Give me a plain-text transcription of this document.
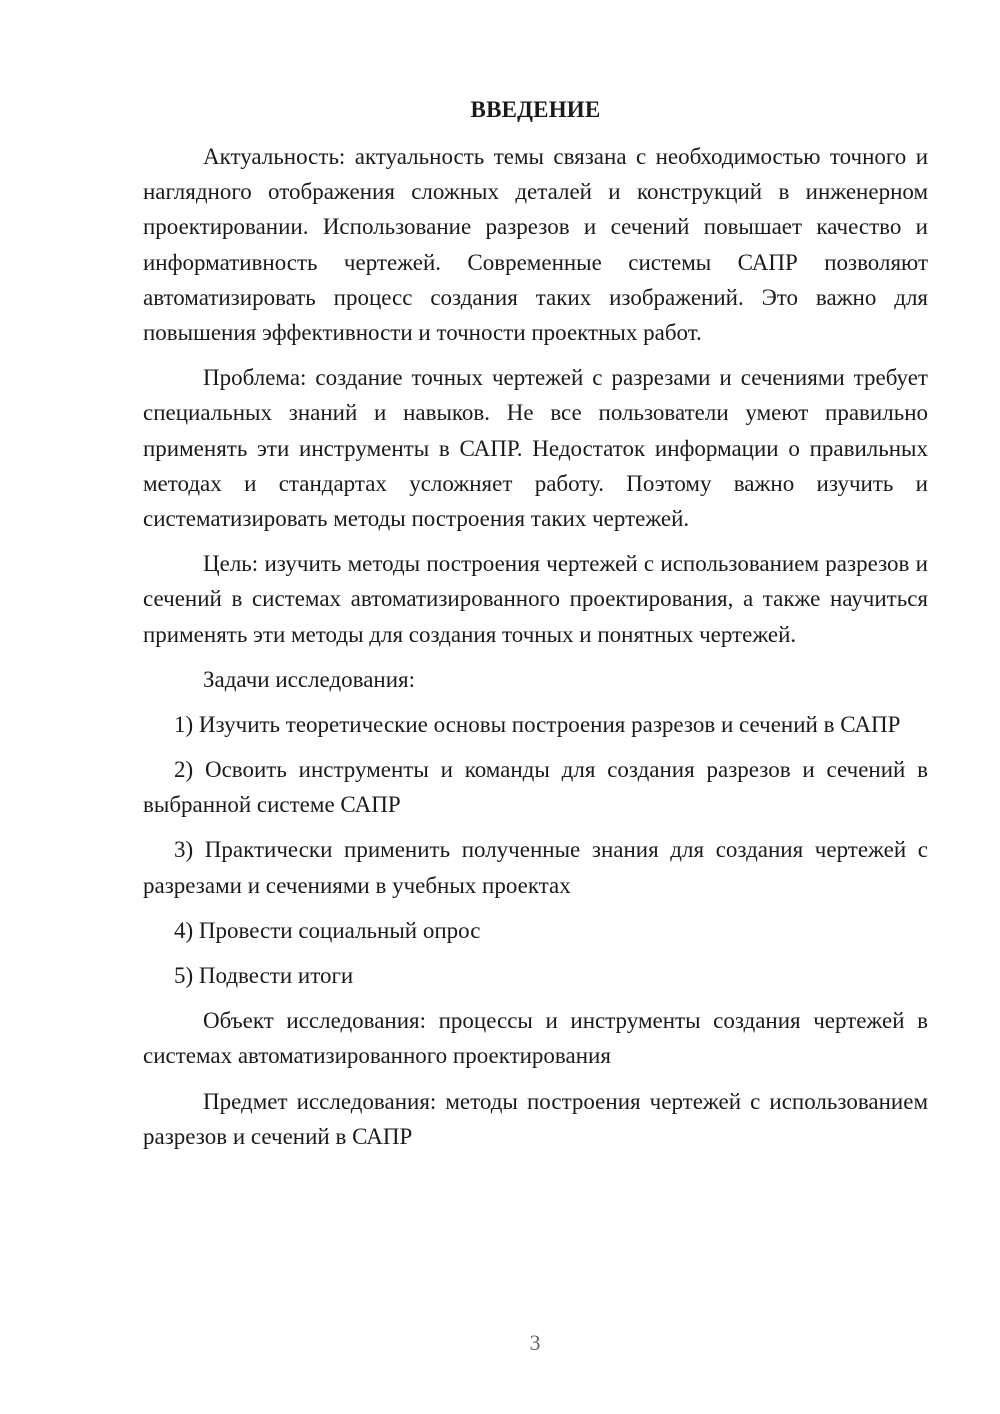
ВВЕДЕНИЕ

Актуальность: актуальность темы связана с необходимостью точного и наглядного отображения сложных деталей и конструкций в инженерном проектировании. Использование разрезов и сечений повышает качество и информативность чертежей. Современные системы САПР позволяют автоматизировать процесс создания таких изображений. Это важно для повышения эффективности и точности проектных работ.

Проблема: создание точных чертежей с разрезами и сечениями требует специальных знаний и навыков. Не все пользователи умеют правильно применять эти инструменты в САПР. Недостаток информации о правильных методах и стандартах усложняет работу. Поэтому важно изучить и систематизировать методы построения таких чертежей.

Цель: изучить методы построения чертежей с использованием разрезов и сечений в системах автоматизированного проектирования, а также научиться применять эти методы для создания точных и понятных чертежей.

Задачи исследования:

1) Изучить теоретические основы построения разрезов и сечений в САПР

2) Освоить инструменты и команды для создания разрезов и сечений в выбранной системе САПР

3) Практически применить полученные знания для создания чертежей с разрезами и сечениями в учебных проектах

4) Провести социальный опрос

5) Подвести итоги

Объект исследования: процессы и инструменты создания чертежей в системах автоматизированного проектирования

Предмет исследования: методы построения чертежей с использованием разрезов и сечений в САПР

3
